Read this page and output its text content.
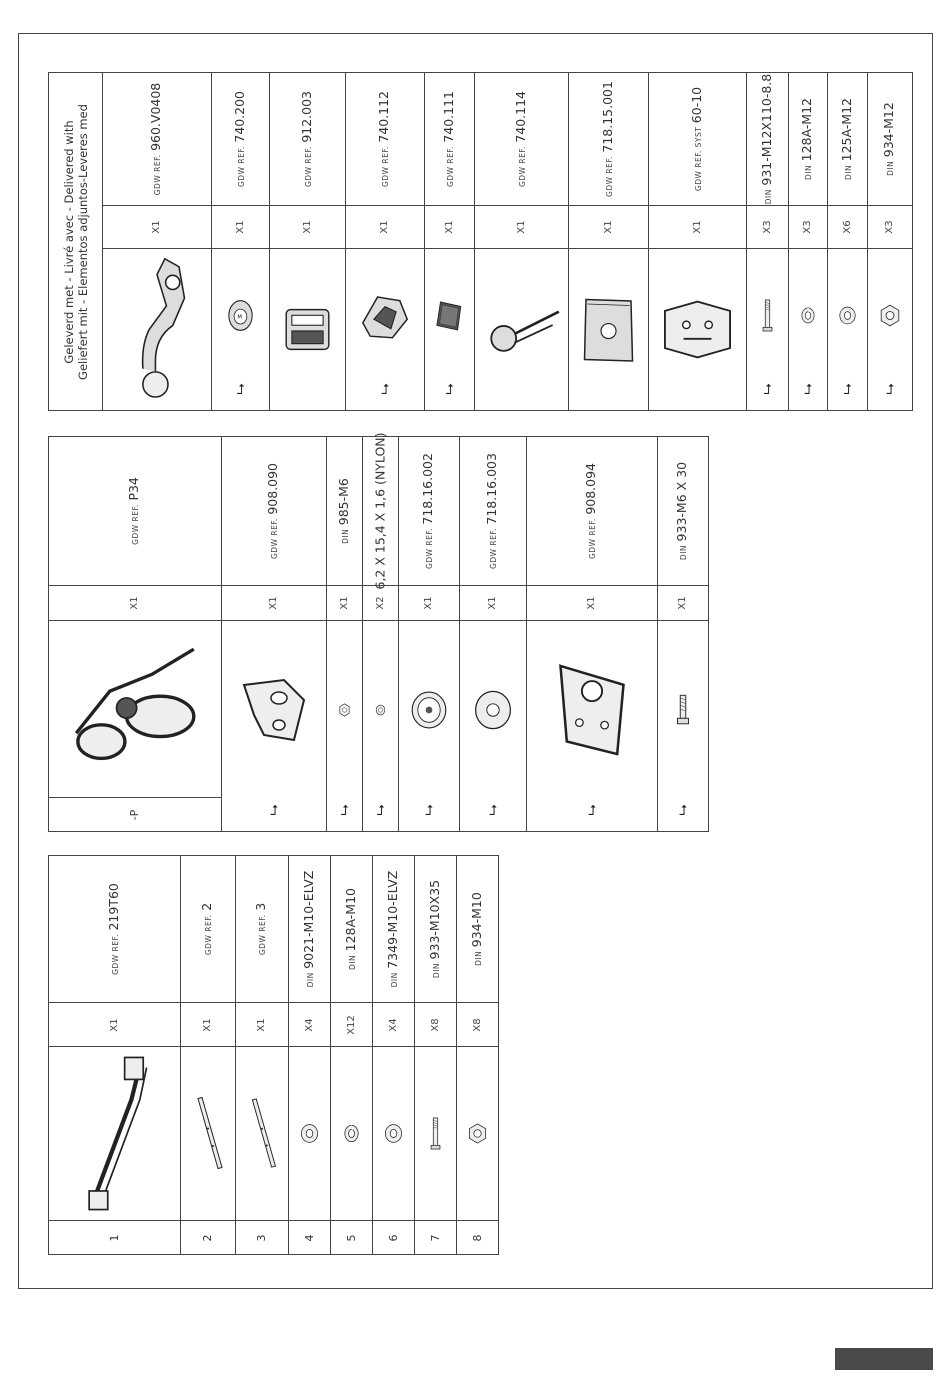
Geleverd met - Livré avec - Delivered with Geliefert mit - Elementos adjuntos-Leveres med	GDW REF. 960.V0408
X1
GDW REF. 740.200
X1
⮥
GDW REF. 912.003
X1
GDW REF. 740.112
X1
⮥
GDW REF. 740.111
X1
⮥
GDW REF. 740.114
X1
GDW REF. 718.15.001
X1
GDW REF. SYST 60-10
X1
DIN 931-M12X110-8.8
X3
⮥
DIN 128A-M12
X3
⮥
DIN 125A-M12
X6
⮥
DIN 934-M12
X3
⮥
GDW REF. P34
X1
-P
GDW REF. 908.090
X1
⮥
DIN 985-M6
X1
⮥
6,2 X 15,4 X 1,6 (NYLON)
X2
⮥
GDW REF. 718.16.002
X1
⮥
GDW REF. 718.16.003
X1
⮥
GDW REF. 908.094
X1
⮥
DIN 933-M6 X 30
X1
⮥
GDW REF. 219T60
X1
1
GDW REF. 2
X1
2
GDW REF. 3
X1
3
DIN 9021-M10-ELVZ
X4
4
DIN 128A-M10
X12
5
DIN 7349-M10-ELVZ
X4
6
DIN 933-M10X35
X8
7
DIN 934-M10
X8
8
